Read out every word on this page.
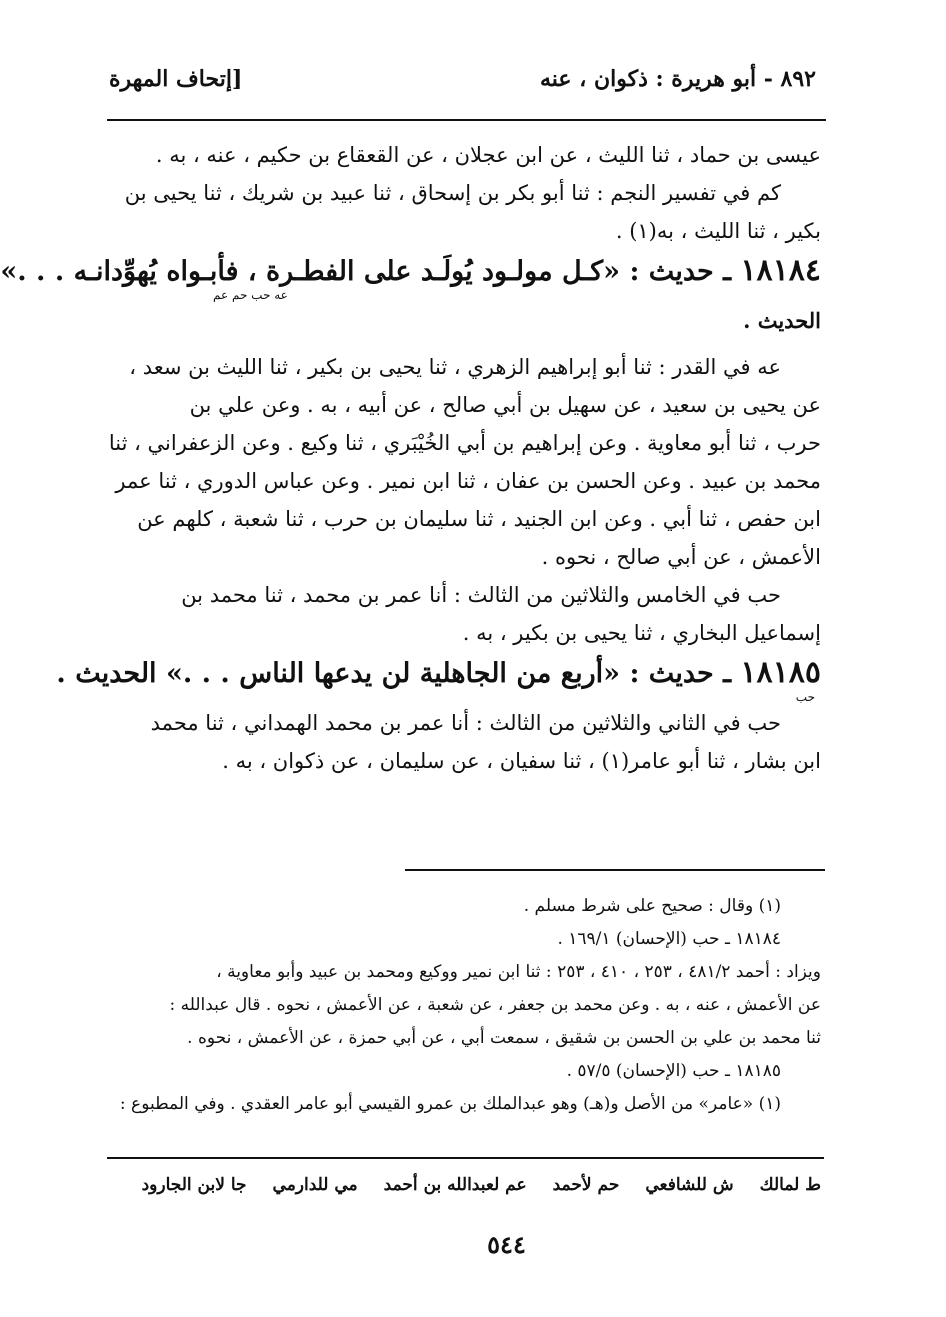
٨٩٢ - أبو هريرة : ذكوان ، عنه
[إتحاف المهرة
عيسى بن حماد ، ثنا الليث ، عن ابن عجلان ، عن القعقاع بن حكيم ، عنه ، به .
كم في تفسير النجم : ثنا أبو بكر بن إسحاق ، ثنا عبيد بن شريك ، ثنا يحيى بن
بكير ، ثنا الليث ، به(١) .
١٨١٨٤ ـ حديث : «كـل مولـود يُولَـد على الفطـرة ، فأبـواه يُهوِّدانـه . . .»
عه حب حم عم
الحديث .
عه في القدر : ثنا أبو إبراهيم الزهري ، ثنا يحيى بن بكير ، ثنا الليث بن سعد ،
عن يحيى بن سعيد ، عن سهيل بن أبي صالح ، عن أبيه ، به . وعن علي بن
حرب ، ثنا أبو معاوية . وعن إبراهيم بن أبي الخُيْبَري ، ثنا وكيع . وعن الزعفراني ، ثنا
محمد بن عبيد . وعن الحسن بن عفان ، ثنا ابن نمير . وعن عباس الدوري ، ثنا عمر
ابن حفص ، ثنا أبي . وعن ابن الجنيد ، ثنا سليمان بن حرب ، ثنا شعبة ، كلهم عن
الأعمش ، عن أبي صالح ، نحوه .
حب في الخامس والثلاثين من الثالث : أنا عمر بن محمد ، ثنا محمد بن
إسماعيل البخاري ، ثنا يحيى بن بكير ، به .
١٨١٨٥ ـ حديث : «أربع من الجاهلية لن يدعها الناس . . .» الحديث .
حب
حب في الثاني والثلاثين من الثالث : أنا عمر بن محمد الهمداني ، ثنا محمد
ابن بشار ، ثنا أبو عامر(١) ، ثنا سفيان ، عن سليمان ، عن ذكوان ، به .
(١) وقال : صحيح على شرط مسلم .
١٨١٨٤ ـ حب (الإحسان) ١٦٩/١ .
ويزاد : أحمد ٤٨١/٢ ، ٢٥٣ ، ٤١٠ ، ٢٥٣ : ثنا ابن نمير ووكيع ومحمد بن عبيد وأبو معاوية ،
عن الأعمش ، عنه ، به . وعن محمد بن جعفر ، عن شعبة ، عن الأعمش ، نحوه . قال عبدالله :
ثنا محمد بن علي بن الحسن بن شقيق ، سمعت أبي ، عن أبي حمزة ، عن الأعمش ، نحوه .
١٨١٨٥ ـ حب (الإحسان) ٥٧/٥ .
(١) «عامر» من الأصل و(هـ) وهو عبدالملك بن عمرو القيسي أبو عامر العقدي . وفي المطبوع :
ط لمالك
ش للشافعي
حم لأحمد
عم لعبدالله بن أحمد
مي للدارمي
جا لابن الجارود
٥٤٤
